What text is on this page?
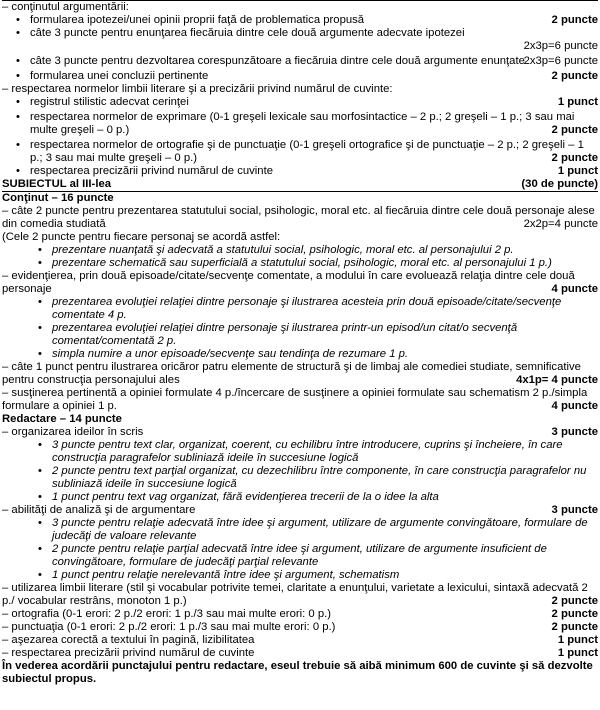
– conţinutul argumentării:
• formularea ipotezei/unei opinii proprii faţă de problematica propusă	2 puncte
• câte 3 puncte pentru enunţarea fiecăruia dintre cele două argumente adecvate ipotezei
2x3p=6 puncte
• câte 3 puncte pentru dezvoltarea corespunzătoare a fiecăruia dintre cele două argumente enunţate
2x3p=6 puncte
• formularea unei concluzii pertinente	2 puncte
– respectarea normelor limbii literare şi a precizării privind numărul de cuvinte:
• registrul stilistic adecvat cerinţei	1 punct
• respectarea normelor de exprimare (0-1 greşeli lexicale sau morfosintactice – 2 p.; 2 greşeli – 1 p.; 3 sau mai multe greşeli – 0 p.)	2 puncte
• respectarea normelor de ortografie şi de punctuaţie (0-1 greşeli ortografice şi de punctuaţie – 2 p.; 2 greşeli – 1 p.; 3 sau mai multe greşeli – 0 p.)	2 puncte
• respectarea precizării privind numărul de cuvinte	1 punct
SUBIECTUL al III-lea	(30 de puncte)
Conţinut – 16 puncte
– câte 2 puncte pentru prezentarea statutului social, psihologic, moral etc. al fiecăruia dintre cele două personaje alese din comedia studiată	2x2p=4 puncte
(Cele 2 puncte pentru fiecare personaj se acordă astfel:
• prezentare nuanţată şi adecvată a statutului social, psihologic, moral etc. al personajului 2 p.
• prezentare schematică sau superficială a statutului social, psihologic, moral etc. al personajului 1 p.)
– evidenţierea, prin două episoade/citate/secvenţe comentate, a modului în care evoluează relaţia dintre cele două personaje	4 puncte
• prezentarea evoluţiei relaţiei dintre personaje şi ilustrarea acesteia prin două episoade/citate/secvenţe comentate 4 p.
• prezentarea evoluţiei relaţiei dintre personaje şi ilustrarea printr-un episod/un citat/o secvenţă comentat/comentată 2 p.
• simpla numire a unor episoade/secvenţe sau tendinţa de rezumare 1 p.
– câte 1 punct pentru ilustrarea oricăror patru elemente de structură şi de limbaj ale comediei studiate, semnificative pentru construcţia personajului ales	4x1p= 4 puncte
– susţinerea pertinentă a opiniei formulate 4 p./încercare de susţinere a opiniei formulate sau schematism 2 p./simpla formulare a opiniei 1 p.	4 puncte
Redactare – 14 puncte
– organizarea ideilor în scris	3 puncte
• 3 puncte pentru text clar, organizat, coerent, cu echilibru între introducere, cuprins şi încheiere, în care construcţia paragrafelor subliniază ideile în succesiune logică
• 2 puncte pentru text parţial organizat, cu dezechilibru între componente, în care construcţia paragrafelor nu subliniază ideile în succesiune logică
• 1 punct pentru text vag organizat, fără evidenţierea trecerii de la o idee la alta
– abilităţi de analiză şi de argumentare	3 puncte
• 3 puncte pentru relaţie adecvată între idee şi argument, utilizare de argumente convingătoare, formulare de judecăţi de valoare relevante
• 2 puncte pentru relaţie parţial adecvată între idee şi argument, utilizare de argumente insuficient de convingătoare, formulare de judecăţi parţial relevante
• 1 punct pentru relaţie nerelevantă între idee şi argument, schematism
– utilizarea limbii literare (stil şi vocabular potrivite temei, claritate a enunţului, varietate a lexicului, sintaxă adecvată 2 p./ vocabular restrâns, monoton 1 p.)	2 puncte
– ortografia (0-1 erori: 2 p./2 erori: 1 p./3 sau mai multe erori: 0 p.)	2 puncte
– punctuaţia (0-1 erori: 2 p./2 erori: 1 p./3 sau mai multe erori: 0 p.)	2 puncte
– aşezarea corectă a textului în pagină, lizibilitatea	1 punct
– respectarea precizării privind numărul de cuvinte	1 punct
În vederea acordării punctajului pentru redactare, eseul trebuie să aibă minimum 600 de cuvinte şi să dezvolte subiectul propus.
